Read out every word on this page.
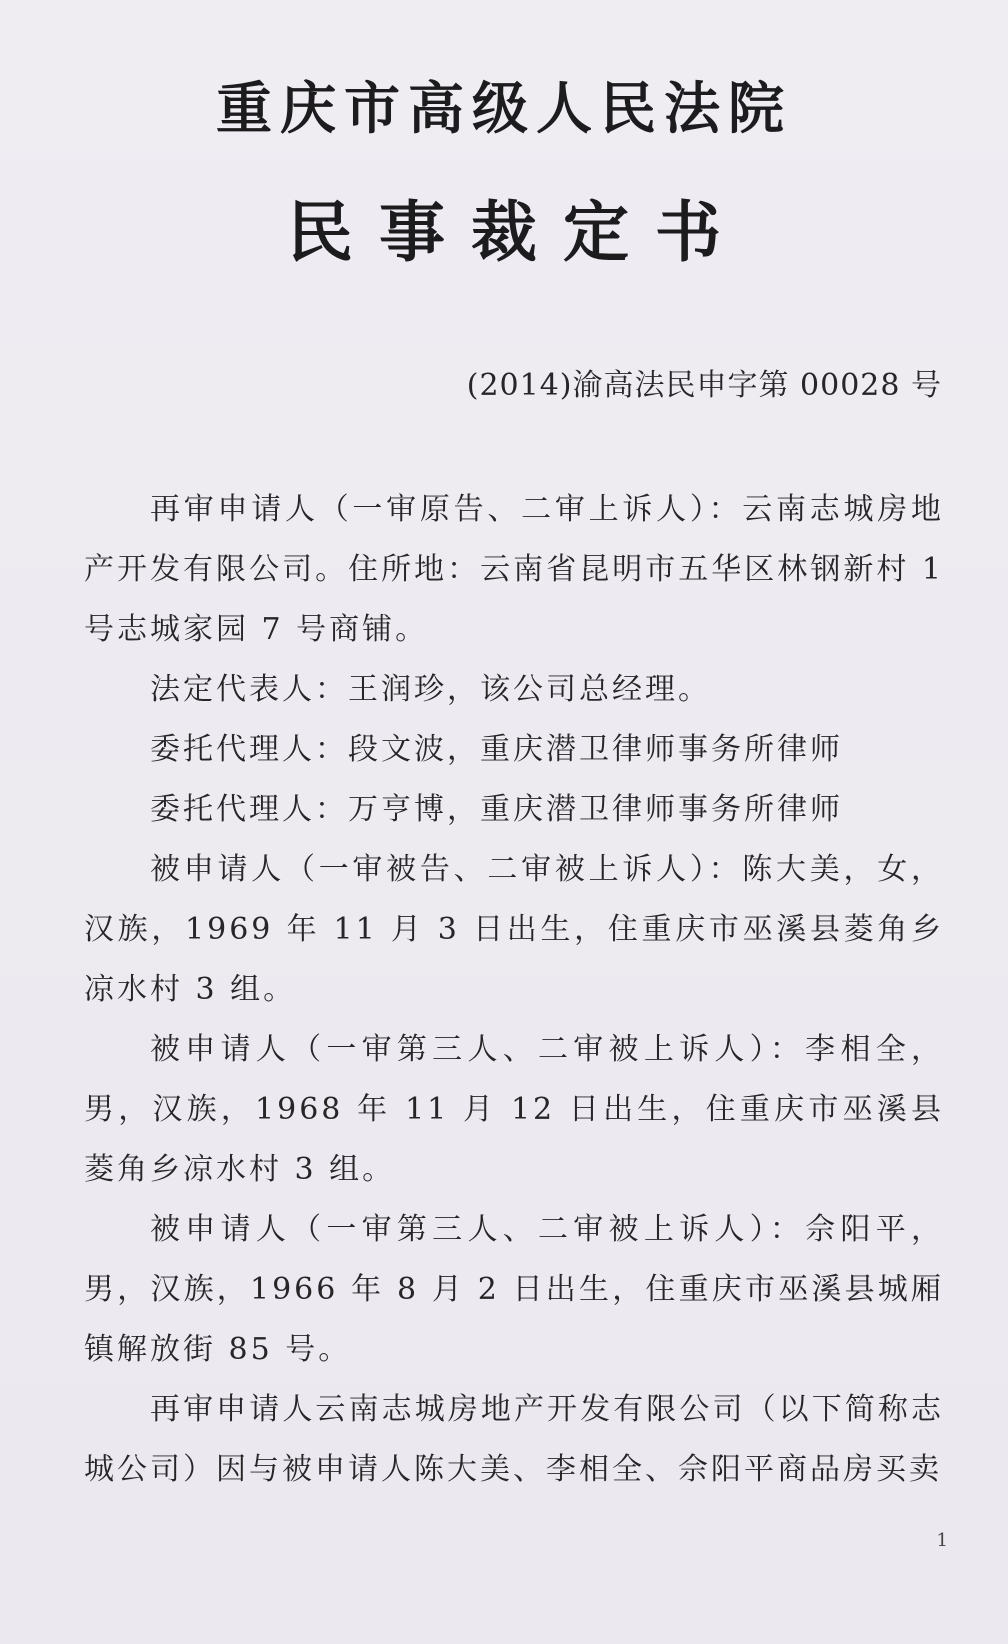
重庆市高级人民法院
民事裁定书
(2014)渝高法民申字第 00028 号

再审申请人（一审原告、二审上诉人）：云南志城房地产开发有限公司。住所地：云南省昆明市五华区林钢新村 1 号志城家园 7 号商铺。

法定代表人：王润珍，该公司总经理。

委托代理人：段文波，重庆潜卫律师事务所律师

委托代理人：万亨博，重庆潜卫律师事务所律师

被申请人（一审被告、二审被上诉人）：陈大美，女，汉族，1969 年 11 月 3 日出生，住重庆市巫溪县菱角乡凉水村 3 组。

被申请人（一审第三人、二审被上诉人）：李相全，男，汉族，1968 年 11 月 12 日出生，住重庆市巫溪县菱角乡凉水村 3 组。

被申请人（一审第三人、二审被上诉人）：佘阳平，男，汉族，1966 年 8 月 2 日出生，住重庆市巫溪县城厢镇解放街 85 号。

再审申请人云南志城房地产开发有限公司（以下简称志城公司）因与被申请人陈大美、李相全、佘阳平商品房买卖

1
